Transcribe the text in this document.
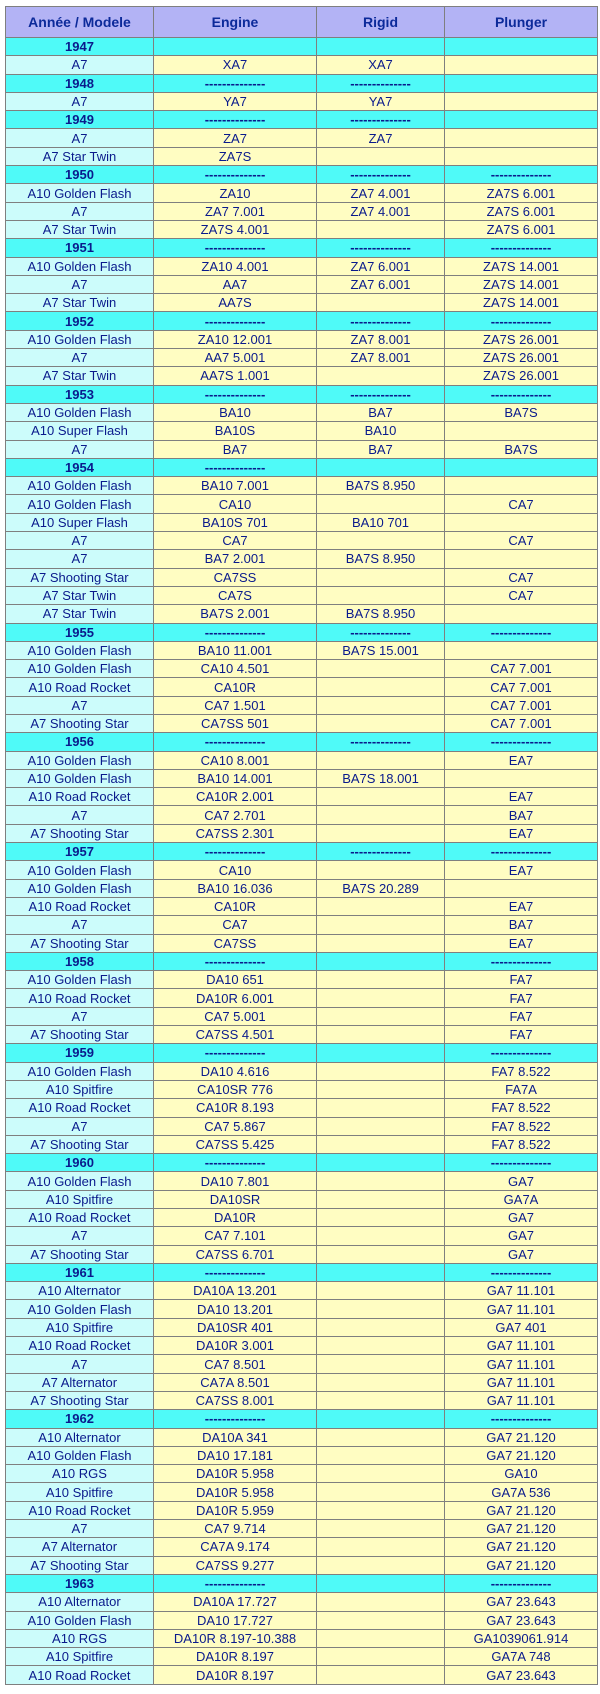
Année / Modele	Engine	Rigid	Plunger
1947			
A7	XA7	XA7	
1948	--------------	--------------	
A7	YA7	YA7	
1949	--------------	--------------	
A7	ZA7	ZA7	
A7 Star Twin	ZA7S		
1950	--------------	--------------	--------------
A10 Golden Flash	ZA10	ZA7 4.001	ZA7S 6.001
A7	ZA7 7.001	ZA7 4.001	ZA7S 6.001
A7 Star Twin	ZA7S 4.001		ZA7S 6.001
1951	--------------	--------------	--------------
A10 Golden Flash	ZA10 4.001	ZA7 6.001	ZA7S 14.001
A7	AA7	ZA7 6.001	ZA7S 14.001
A7 Star Twin	AA7S		ZA7S 14.001
1952	--------------	--------------	--------------
A10 Golden Flash	ZA10 12.001	ZA7 8.001	ZA7S 26.001
A7	AA7 5.001	ZA7 8.001	ZA7S 26.001
A7 Star Twin	AA7S 1.001		ZA7S 26.001
1953	--------------	--------------	--------------
A10 Golden Flash	BA10	BA7	BA7S
A10 Super Flash	BA10S	BA10	
A7	BA7	BA7	BA7S
1954	--------------		
A10 Golden Flash	BA10 7.001	BA7S 8.950	
A10 Golden Flash	CA10		CA7
A10 Super Flash	BA10S 701	BA10 701	
A7	CA7		CA7
A7	BA7 2.001	BA7S 8.950	
A7 Shooting Star	CA7SS		CA7
A7 Star Twin	CA7S		CA7
A7 Star Twin	BA7S 2.001	BA7S 8.950	
1955	--------------	--------------	--------------
A10 Golden Flash	BA10 11.001	BA7S 15.001	
A10 Golden Flash	CA10 4.501		CA7 7.001
A10 Road Rocket	CA10R		CA7 7.001
A7	CA7 1.501		CA7 7.001
A7 Shooting Star	CA7SS 501		CA7 7.001
1956	--------------	--------------	--------------
A10 Golden Flash	CA10 8.001		EA7
A10 Golden Flash	BA10 14.001	BA7S 18.001	
A10 Road Rocket	CA10R 2.001		EA7
A7	CA7 2.701		BA7
A7 Shooting Star	CA7SS 2.301		EA7
1957	--------------	--------------	--------------
A10 Golden Flash	CA10		EA7
A10 Golden Flash	BA10 16.036	BA7S 20.289	
A10 Road Rocket	CA10R		EA7
A7	CA7		BA7
A7 Shooting Star	CA7SS		EA7
1958	--------------		--------------
A10 Golden Flash	DA10 651		FA7
A10 Road Rocket	DA10R 6.001		FA7
A7	CA7 5.001		FA7
A7 Shooting Star	CA7SS 4.501		FA7
1959	--------------		--------------
A10 Golden Flash	DA10 4.616		FA7 8.522
A10 Spitfire	CA10SR 776		FA7A
A10 Road Rocket	CA10R 8.193		FA7 8.522
A7	CA7 5.867		FA7 8.522
A7 Shooting Star	CA7SS 5.425		FA7 8.522
1960	--------------		--------------
A10 Golden Flash	DA10 7.801		GA7
A10 Spitfire	DA10SR		GA7A
A10 Road Rocket	DA10R		GA7
A7	CA7 7.101		GA7
A7 Shooting Star	CA7SS 6.701		GA7
1961	--------------		--------------
A10 Alternator	DA10A 13.201		GA7 11.101
A10 Golden Flash	DA10 13.201		GA7 11.101
A10 Spitfire	DA10SR 401		GA7 401
A10 Road Rocket	DA10R 3.001		GA7 11.101
A7	CA7 8.501		GA7 11.101
A7 Alternator	CA7A 8.501		GA7 11.101
A7 Shooting Star	CA7SS 8.001		GA7 11.101
1962	--------------		--------------
A10 Alternator	DA10A 341		GA7 21.120
A10 Golden Flash	DA10 17.181		GA7 21.120
A10 RGS	DA10R 5.958		GA10
A10 Spitfire	DA10R 5.958		GA7A 536
A10 Road Rocket	DA10R 5.959		GA7 21.120
A7	CA7 9.714		GA7 21.120
A7 Alternator	CA7A 9.174		GA7 21.120
A7 Shooting Star	CA7SS 9.277		GA7 21.120
1963	--------------		--------------
A10 Alternator	DA10A 17.727		GA7 23.643
A10 Golden Flash	DA10 17.727		GA7 23.643
A10 RGS	DA10R 8.197-10.388		GA1039061.914
A10 Spitfire	DA10R 8.197		GA7A 748
A10 Road Rocket	DA10R 8.197		GA7 23.643
